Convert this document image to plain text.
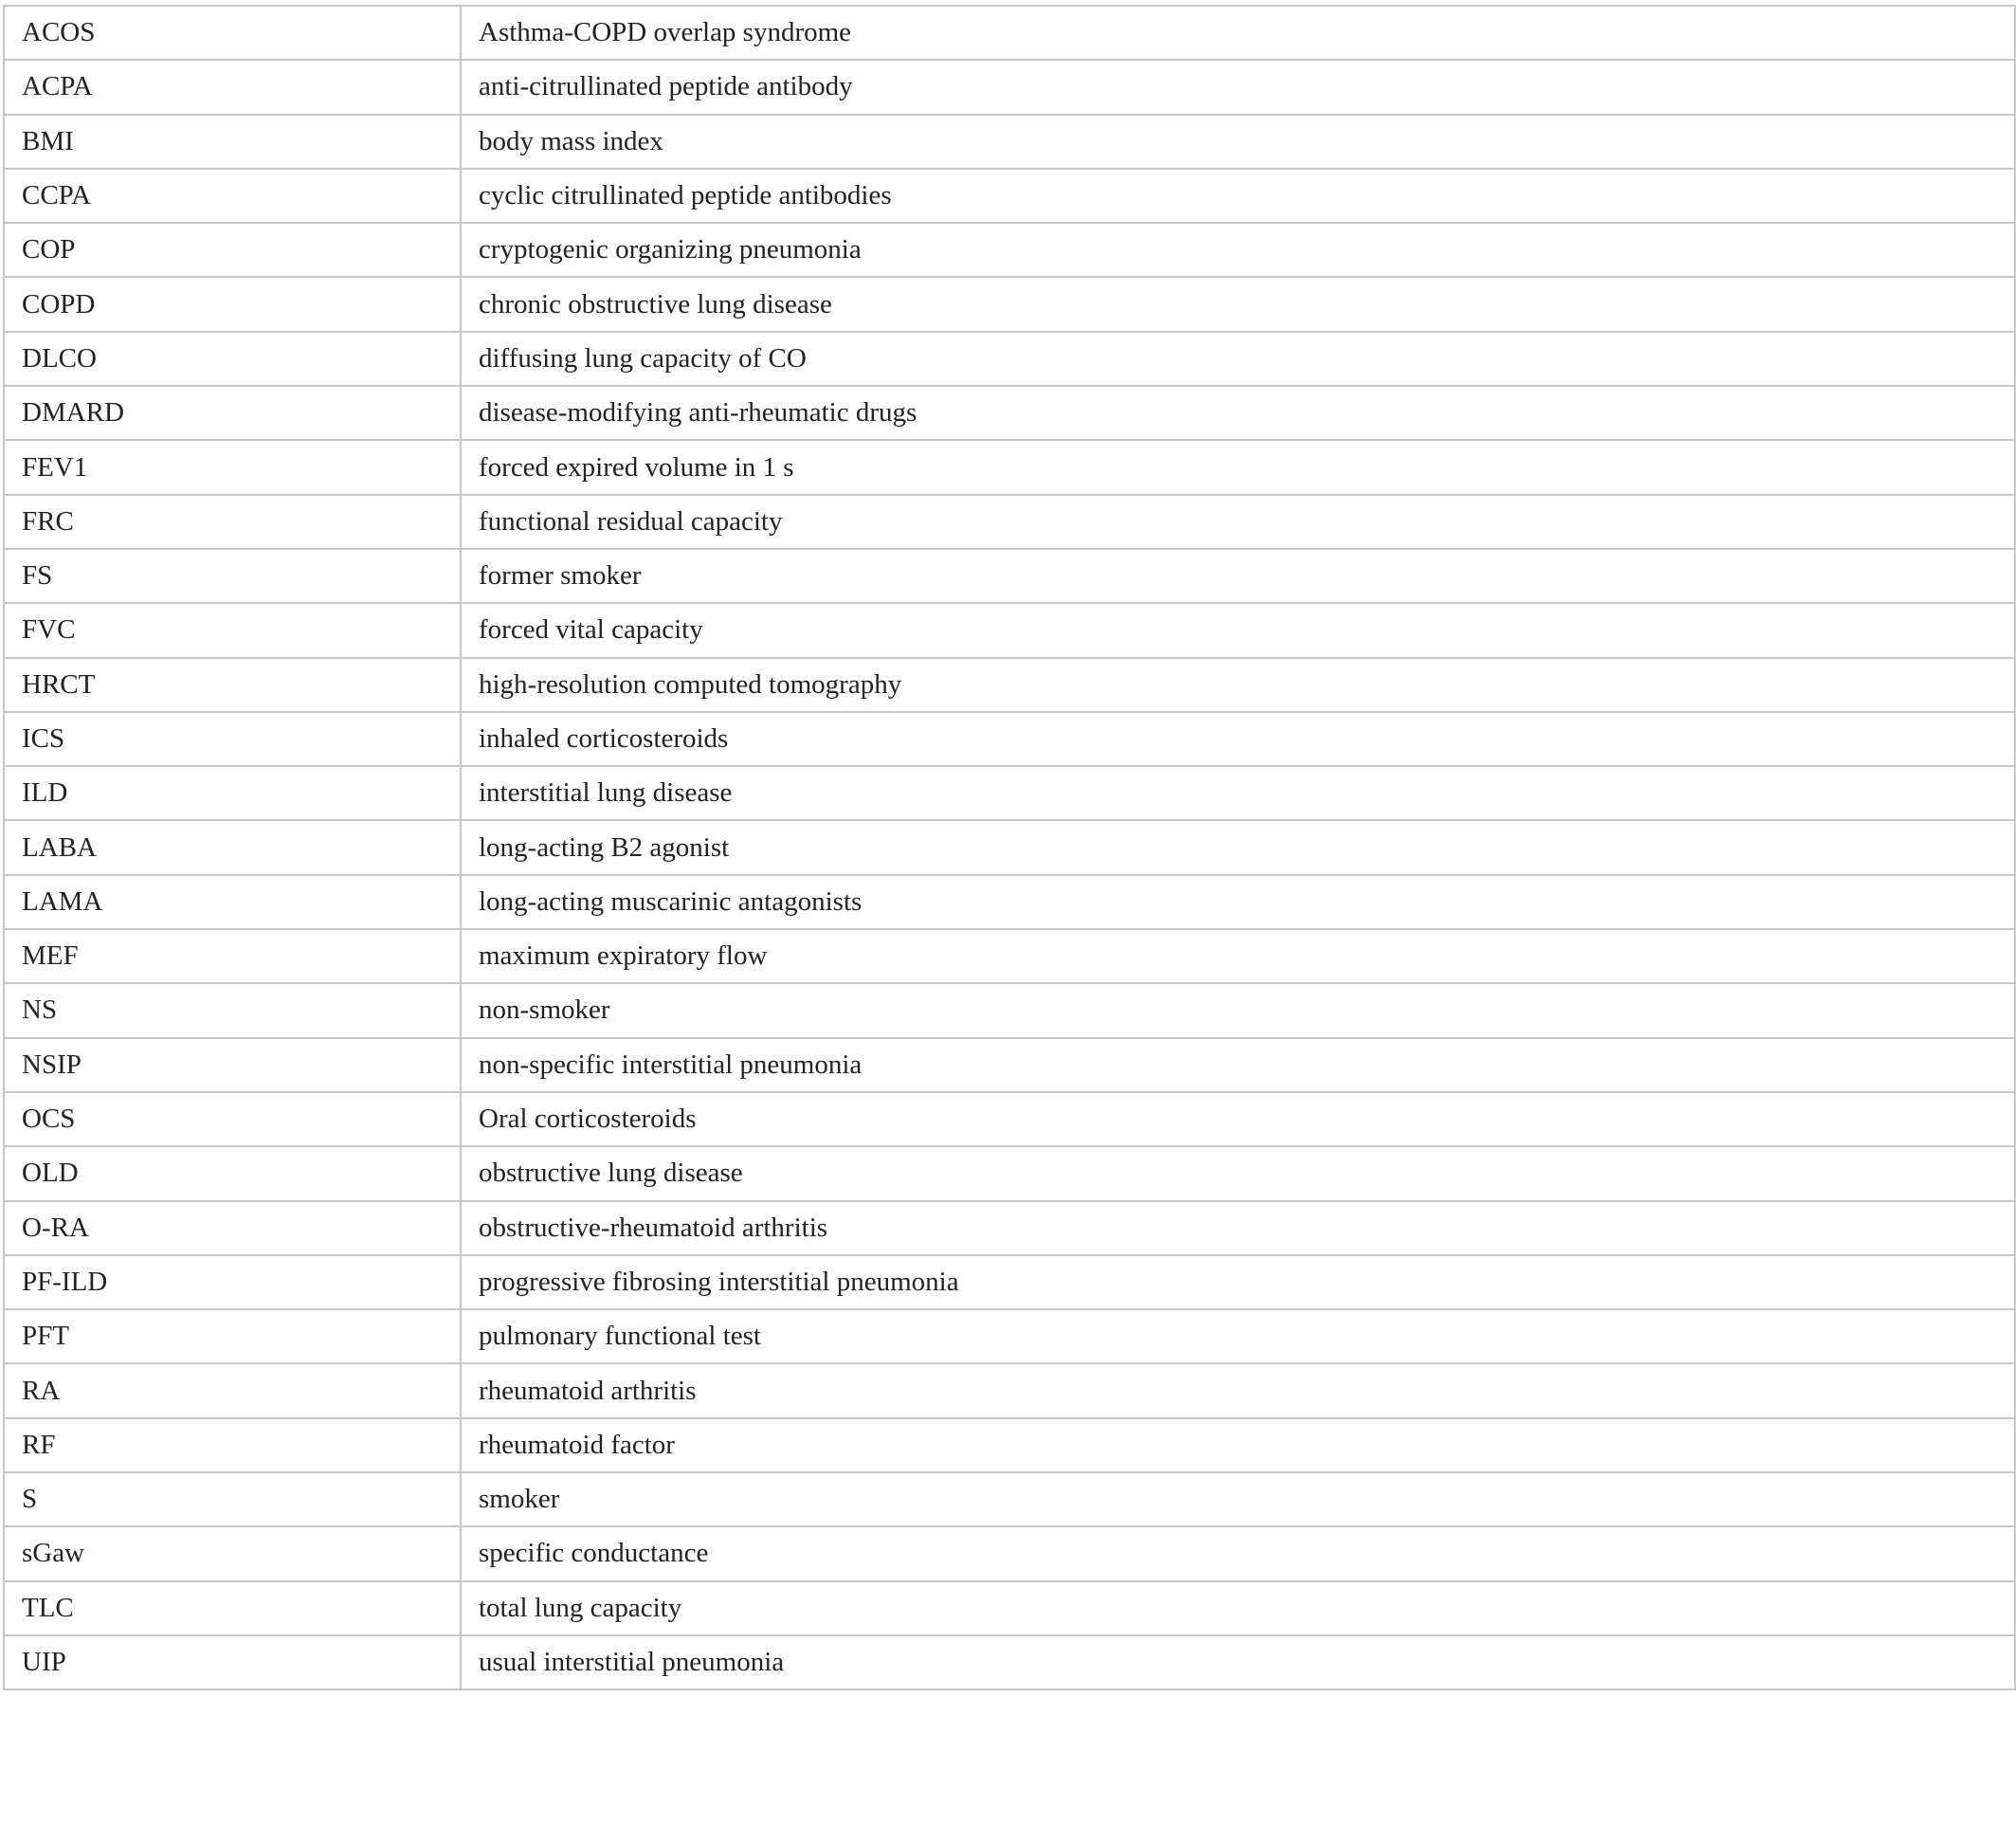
ACOS	Asthma-COPD overlap syndrome
ACPA	anti-citrullinated peptide antibody
BMI	body mass index
CCPA	cyclic citrullinated peptide antibodies
COP	cryptogenic organizing pneumonia
COPD	chronic obstructive lung disease
DLCO	diffusing lung capacity of CO
DMARD	disease-modifying anti-rheumatic drugs
FEV1	forced expired volume in 1 s
FRC	functional residual capacity
FS	former smoker
FVC	forced vital capacity
HRCT	high-resolution computed tomography
ICS	inhaled corticosteroids
ILD	interstitial lung disease
LABA	long-acting B2 agonist
LAMA	long-acting muscarinic antagonists
MEF	maximum expiratory flow
NS	non-smoker
NSIP	non-specific interstitial pneumonia
OCS	Oral corticosteroids
OLD	obstructive lung disease
O-RA	obstructive-rheumatoid arthritis
PF-ILD	progressive fibrosing interstitial pneumonia
PFT	pulmonary functional test
RA	rheumatoid arthritis
RF	rheumatoid factor
S	smoker
sGaw	specific conductance
TLC	total lung capacity
UIP	usual interstitial pneumonia
